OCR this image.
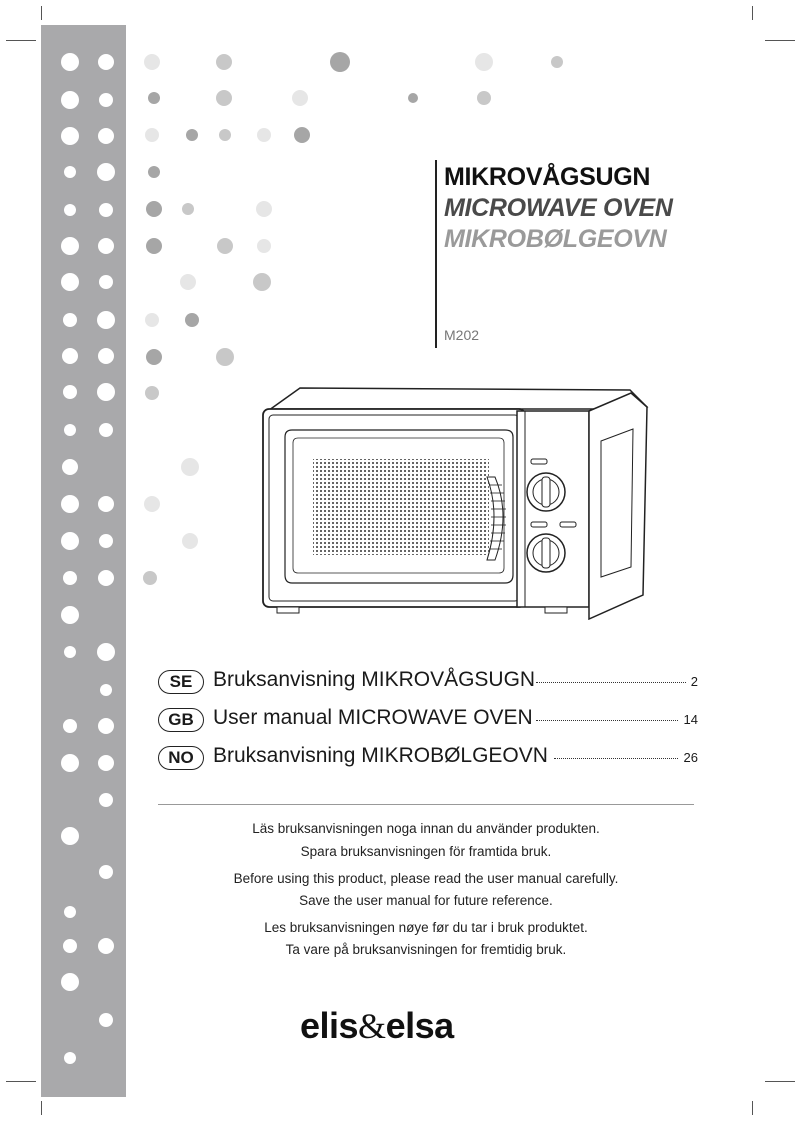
MIKROVÅGSUGN
MICROWAVE OVEN
MIKROBØLGEOVN
M202
SE Bruksanvisning MIKROVÅGSUGN	2
GB User manual MICROWAVE OVEN	14
NO Bruksanvisning MIKROBØLGEOVN	26
Läs bruksanvisningen noga innan du använder produkten.
Spara bruksanvisningen för framtida bruk.
Before using this product, please read the user manual carefully.
Save the user manual for future reference.
Les bruksanvisningen nøye før du tar i bruk produktet.
Ta vare på bruksanvisningen for fremtidig bruk.
elis&elsa
